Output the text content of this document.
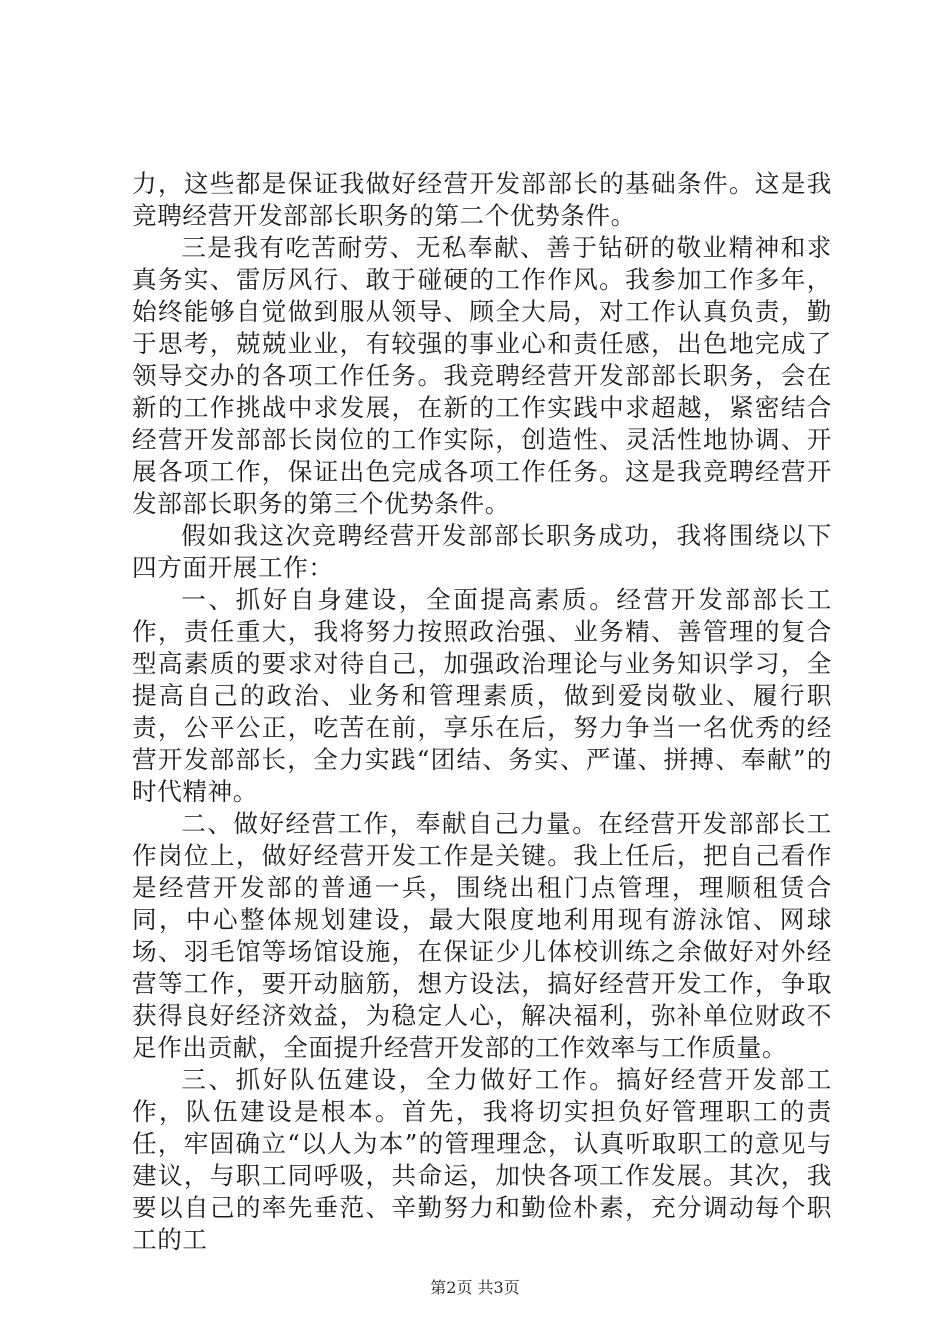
力，这些都是保证我做好经营开发部部长的基础条件。这是我竞聘经营开发部部长职务的第二个优势条件。

三是我有吃苦耐劳、无私奉献、善于钻研的敬业精神和求真务实、雷厉风行、敢于碰硬的工作作风。我参加工作多年，始终能够自觉做到服从领导、顾全大局，对工作认真负责，勤于思考，兢兢业业，有较强的事业心和责任感，出色地完成了领导交办的各项工作任务。我竞聘经营开发部部长职务，会在新的工作挑战中求发展，在新的工作实践中求超越，紧密结合经营开发部部长岗位的工作实际，创造性、灵活性地协调、开展各项工作，保证出色完成各项工作任务。这是我竞聘经营开发部部长职务的第三个优势条件。

假如我这次竞聘经营开发部部长职务成功，我将围绕以下四方面开展工作：

一、抓好自身建设，全面提高素质。经营开发部部长工作，责任重大，我将努力按照政治强、业务精、善管理的复合型高素质的要求对待自己，加强政治理论与业务知识学习，全提高自己的政治、业务和管理素质，做到爱岗敬业、履行职责，公平公正，吃苦在前，享乐在后，努力争当一名优秀的经营开发部部长，全力实践“团结、务实、严谨、拼搏、奉献”的时代精神。

二、做好经营工作，奉献自己力量。在经营开发部部长工作岗位上，做好经营开发工作是关键。我上任后，把自己看作是经营开发部的普通一兵，围绕出租门点管理，理顺租赁合同，中心整体规划建设，最大限度地利用现有游泳馆、网球场、羽毛馆等场馆设施，在保证少儿体校训练之余做好对外经营等工作，要开动脑筋，想方设法，搞好经营开发工作，争取获得良好经济效益，为稳定人心，解决福利，弥补单位财政不足作出贡献，全面提升经营开发部的工作效率与工作质量。

三、抓好队伍建设，全力做好工作。搞好经营开发部工作，队伍建设是根本。首先，我将切实担负好管理职工的责任，牢固确立“以人为本”的管理理念，认真听取职工的意见与建议，与职工同呼吸，共命运，加快各项工作发展。其次，我要以自己的率先垂范、辛勤努力和勤俭朴素，充分调动每个职工的工

第2页 共3页
